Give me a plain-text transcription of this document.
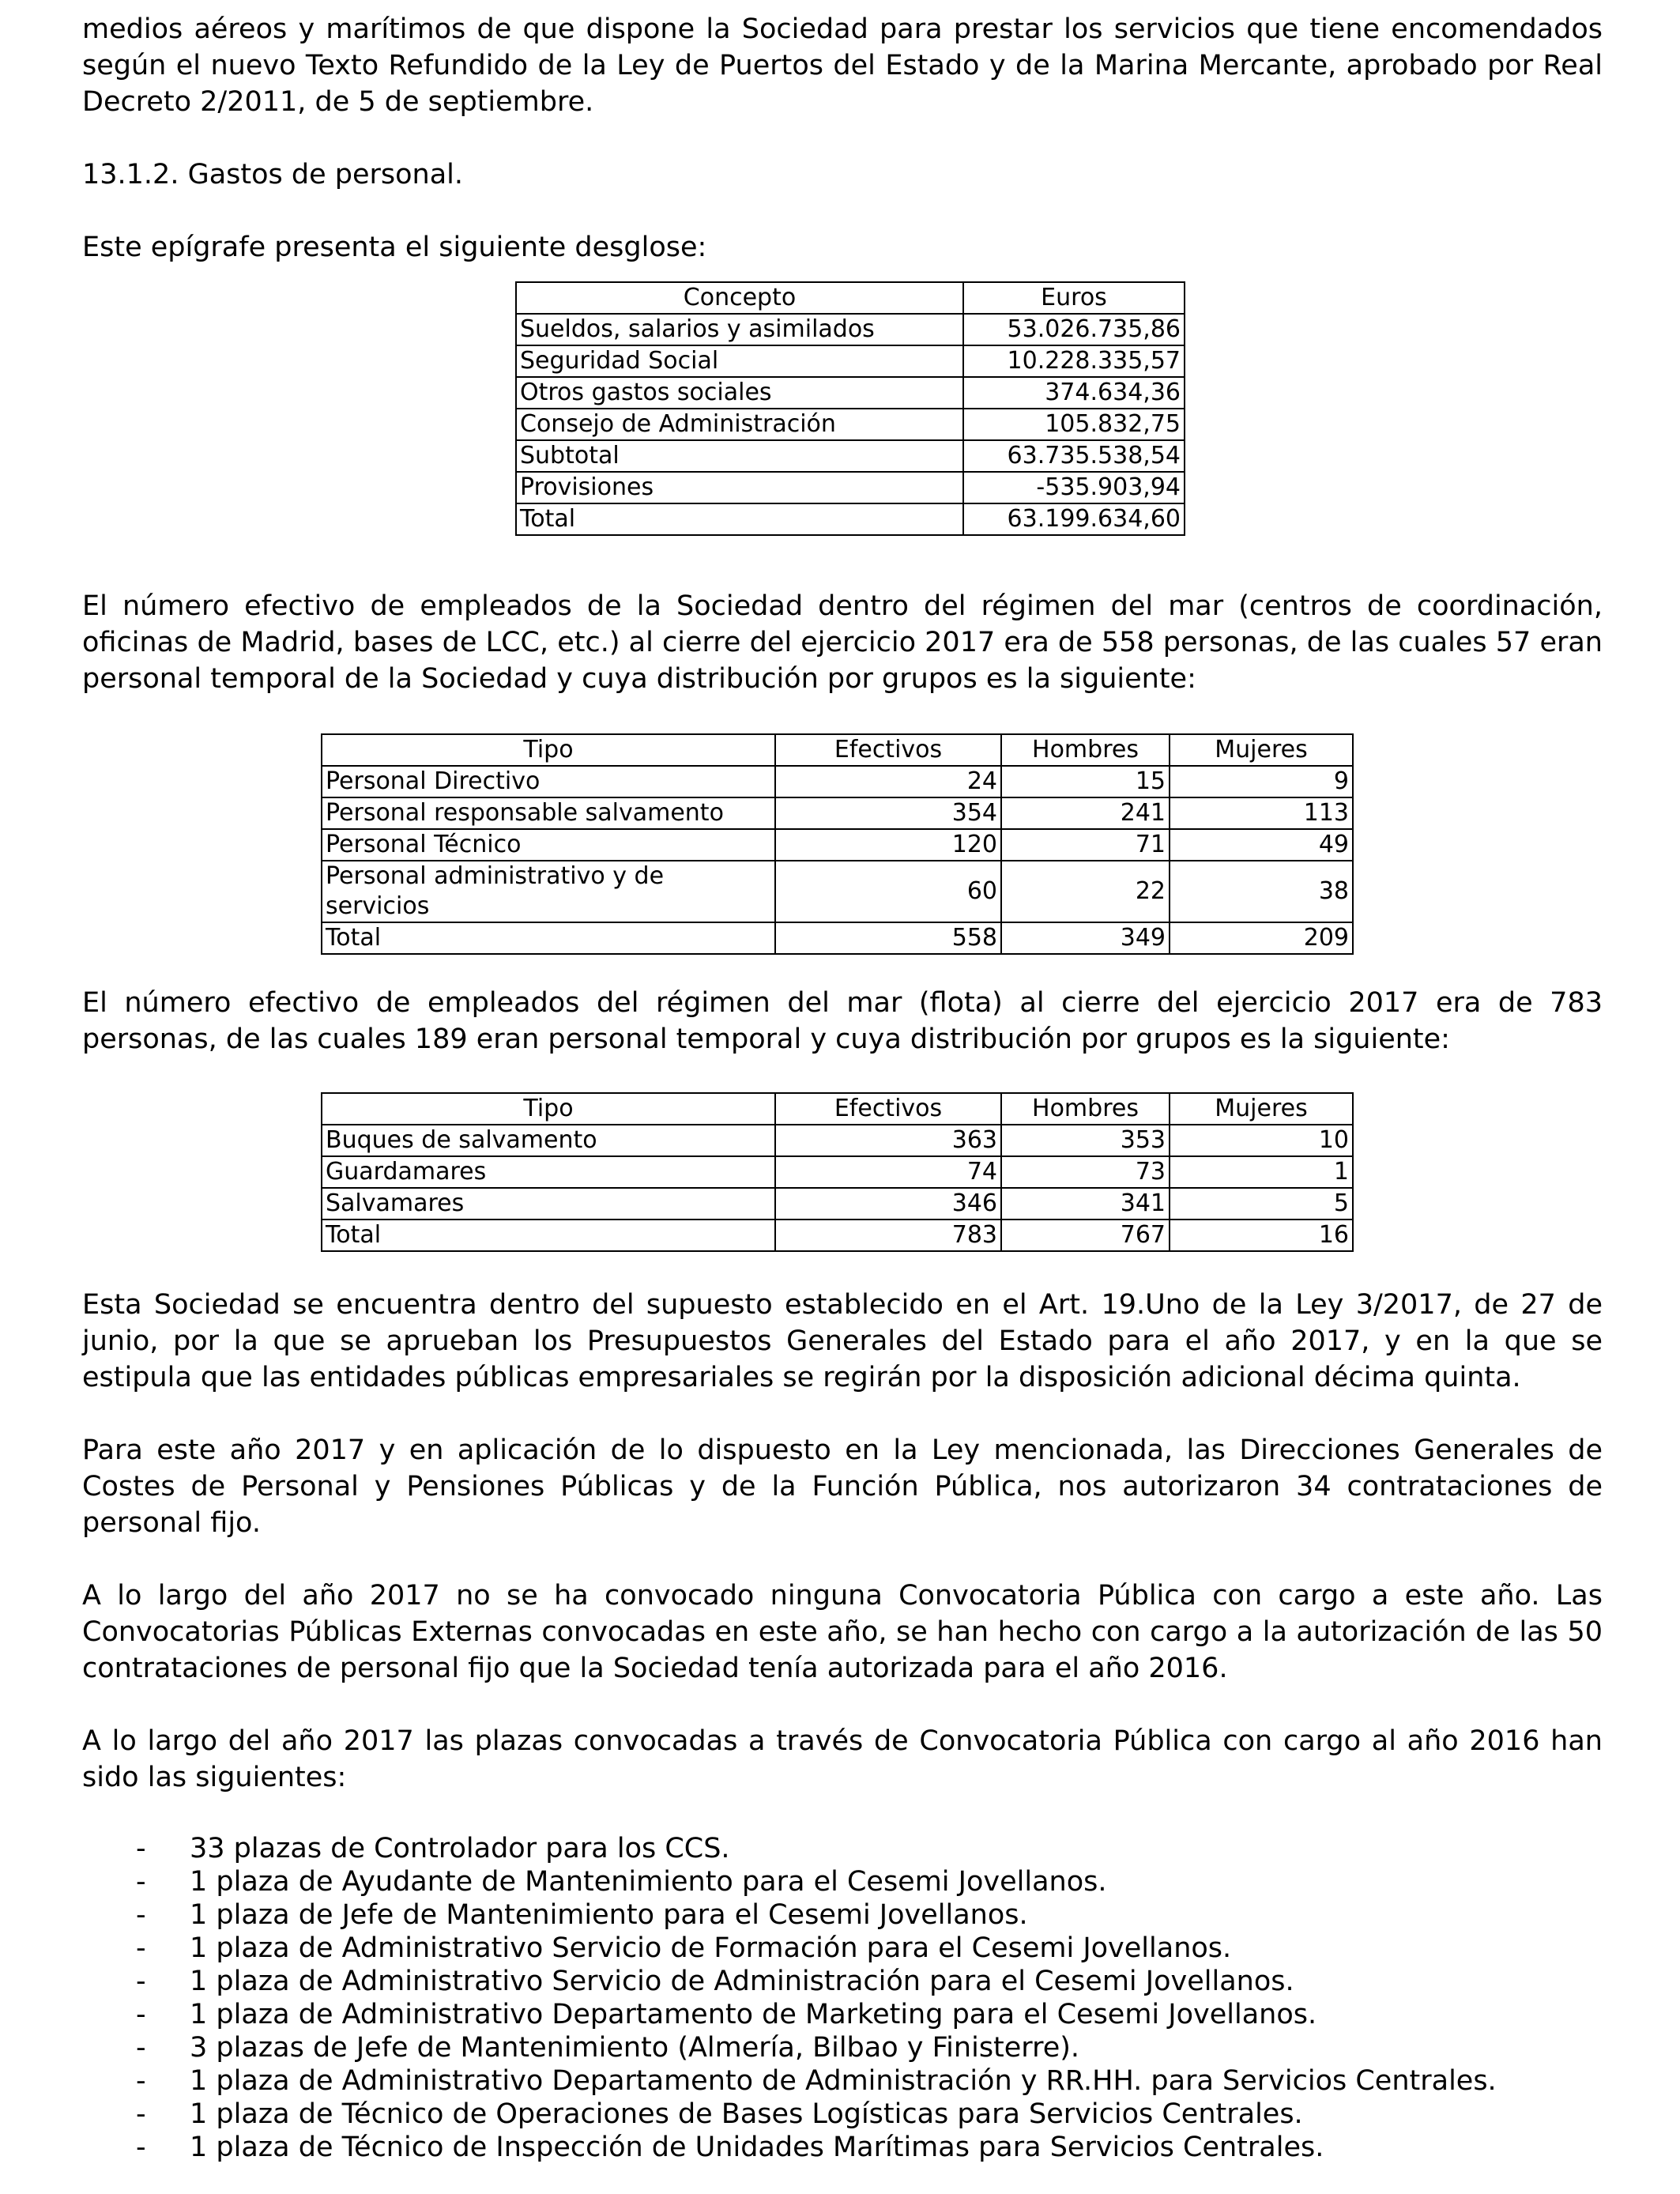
medios aéreos y marítimos de que dispone la Sociedad para prestar los servicios que tiene encomendados según el nuevo Texto Refundido de la Ley de Puertos del Estado y de la Marina Mercante, aprobado por Real Decreto 2/2011, de 5 de septiembre.

13.1.2. Gastos de personal.

Este epígrafe presenta el siguiente desglose:

Concepto	Euros
Sueldos, salarios y asimilados	53.026.735,86
Seguridad Social	10.228.335,57
Otros gastos sociales	374.634,36
Consejo de Administración	105.832,75
Subtotal	63.735.538,54
Provisiones	-535.903,94
Total	63.199.634,60

El número efectivo de empleados de la Sociedad dentro del régimen del mar (centros de coordinación, oficinas de Madrid, bases de LCC, etc.) al cierre del ejercicio 2017 era de 558 personas, de las cuales 57 eran personal temporal de la Sociedad y cuya distribución por grupos es la siguiente:

Tipo	Efectivos	Hombres	Mujeres
Personal Directivo	24	15	9
Personal responsable salvamento	354	241	113
Personal Técnico	120	71	49
Personal administrativo y de servicios	60	22	38
Total	558	349	209

El número efectivo de empleados del régimen del mar (flota) al cierre del ejercicio 2017 era de 783 personas, de las cuales 189 eran personal temporal y cuya distribución por grupos es la siguiente:

Tipo	Efectivos	Hombres	Mujeres
Buques de salvamento	363	353	10
Guardamares	74	73	1
Salvamares	346	341	5
Total	783	767	16

Esta Sociedad se encuentra dentro del supuesto establecido en el Art. 19.Uno de la Ley 3/2017, de 27 de junio, por la que se aprueban los Presupuestos Generales del Estado para el año 2017, y en la que se estipula que las entidades públicas empresariales se regirán por la disposición adicional décima quinta.

Para este año 2017 y en aplicación de lo dispuesto en la Ley mencionada, las Direcciones Generales de Costes de Personal y Pensiones Públicas y de la Función Pública, nos autorizaron 34 contrataciones de personal fijo.

A lo largo del año 2017 no se ha convocado ninguna Convocatoria Pública con cargo a este año. Las Convocatorias Públicas Externas convocadas en este año, se han hecho con cargo a la autorización de las 50 contrataciones de personal fijo que la Sociedad tenía autorizada para el año 2016.

A lo largo del año 2017 las plazas convocadas a través de Convocatoria Pública con cargo al año 2016 han sido las siguientes:

- 33 plazas de Controlador para los CCS.
- 1 plaza de Ayudante de Mantenimiento para el Cesemi Jovellanos.
- 1 plaza de Jefe de Mantenimiento para el Cesemi Jovellanos.
- 1 plaza de Administrativo Servicio de Formación para el Cesemi Jovellanos.
- 1 plaza de Administrativo Servicio de Administración para el Cesemi Jovellanos.
- 1 plaza de Administrativo Departamento de Marketing para el Cesemi Jovellanos.
- 3 plazas de Jefe de Mantenimiento (Almería, Bilbao y Finisterre).
- 1 plaza de Administrativo Departamento de Administración y RR.HH. para Servicios Centrales.
- 1 plaza de Técnico de Operaciones de Bases Logísticas para Servicios Centrales.
- 1 plaza de Técnico de Inspección de Unidades Marítimas para Servicios Centrales.
